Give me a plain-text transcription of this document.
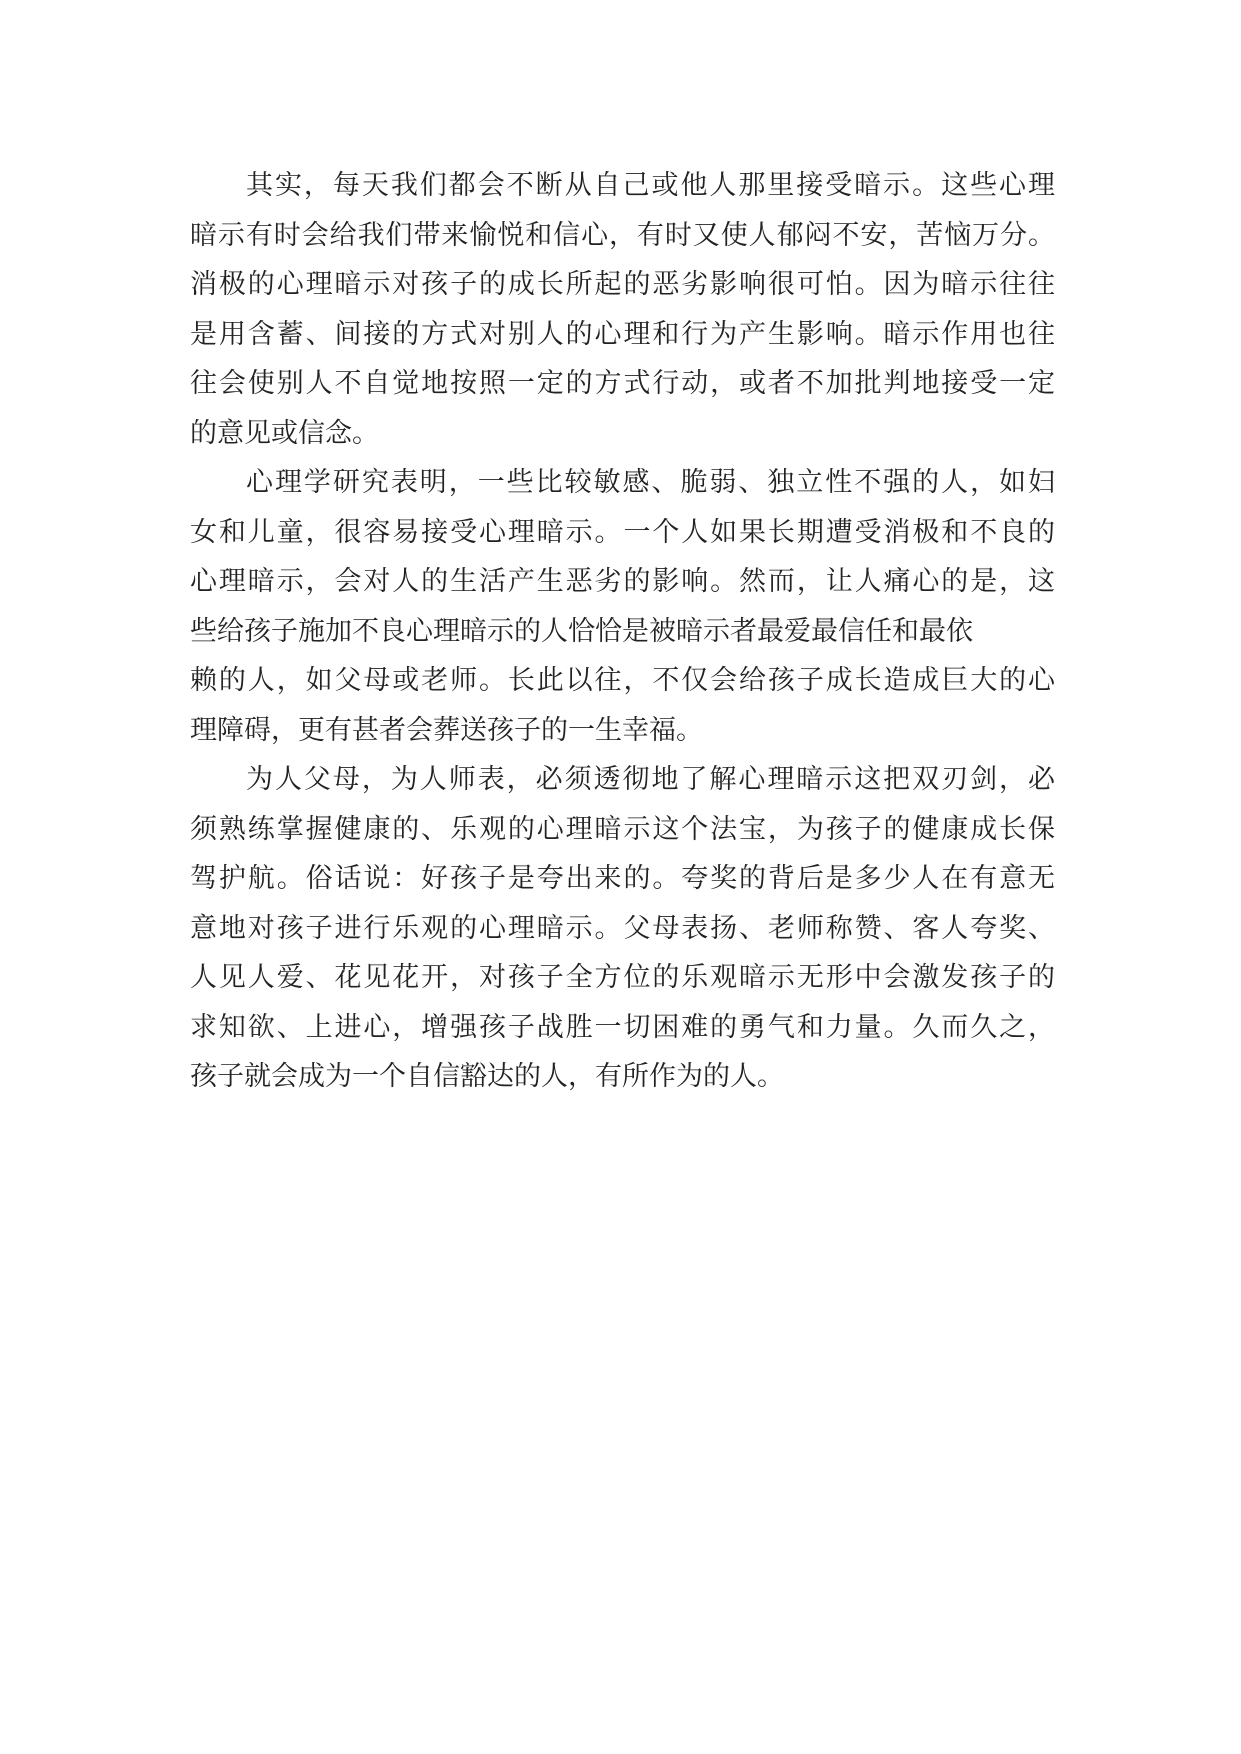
其实，每天我们都会不断从自己或他人那里接受暗示。这些心理
暗示有时会给我们带来愉悦和信心，有时又使人郁闷不安，苦恼万分。
消极的心理暗示对孩子的成长所起的恶劣影响很可怕。因为暗示往往
是用含蓄、间接的方式对别人的心理和行为产生影响。暗示作用也往
往会使别人不自觉地按照一定的方式行动，或者不加批判地接受一定
的意见或信念。
心理学研究表明，一些比较敏感、脆弱、独立性不强的人，如妇
女和儿童，很容易接受心理暗示。一个人如果长期遭受消极和不良的
心理暗示，会对人的生活产生恶劣的影响。然而，让人痛心的是，这
些给孩子施加不良心理暗示的人恰恰是被暗示者最爱最信任和最依
赖的人，如父母或老师。长此以往，不仅会给孩子成长造成巨大的心
理障碍，更有甚者会葬送孩子的一生幸福。
为人父母，为人师表，必须透彻地了解心理暗示这把双刃剑，必
须熟练掌握健康的、乐观的心理暗示这个法宝，为孩子的健康成长保
驾护航。俗话说：好孩子是夸出来的。夸奖的背后是多少人在有意无
意地对孩子进行乐观的心理暗示。父母表扬、老师称赞、客人夸奖、
人见人爱、花见花开，对孩子全方位的乐观暗示无形中会激发孩子的
求知欲、上进心，增强孩子战胜一切困难的勇气和力量。久而久之，
孩子就会成为一个自信豁达的人，有所作为的人。
